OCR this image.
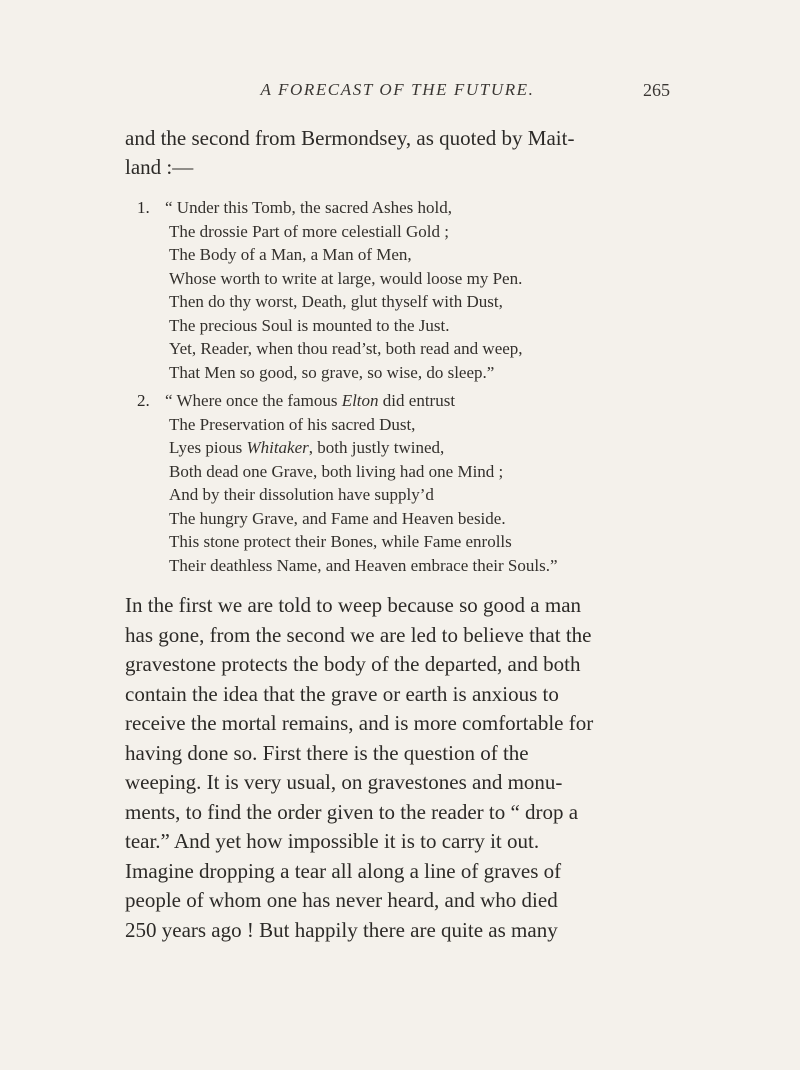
A FORECAST OF THE FUTURE.	265

and the second from Bermondsey, as quoted by Mait-
land :—

1. “ Under this Tomb, the sacred Ashes hold,
The drossie Part of more celestiall Gold ;
The Body of a Man, a Man of Men,
Whose worth to write at large, would loose my Pen.
Then do thy worst, Death, glut thyself with Dust,
The precious Soul is mounted to the Just.
Yet, Reader, when thou read’st, both read and weep,
That Men so good, so grave, so wise, do sleep.”
2. “ Where once the famous Elton did entrust
The Preservation of his sacred Dust,
Lyes pious Whitaker, both justly twined,
Both dead one Grave, both living had one Mind ;
And by their dissolution have supply’d
The hungry Grave, and Fame and Heaven beside.
This stone protect their Bones, while Fame enrolls
Their deathless Name, and Heaven embrace their Souls.”

In the first we are told to weep because so good a man
has gone, from the second we are led to believe that the
gravestone protects the body of the departed, and both
contain the idea that the grave or earth is anxious to
receive the mortal remains, and is more comfortable for
having done so. First there is the question of the
weeping. It is very usual, on gravestones and monu-
ments, to find the order given to the reader to “ drop a
tear.” And yet how impossible it is to carry it out.
Imagine dropping a tear all along a line of graves of
people of whom one has never heard, and who died
250 years ago ! But happily there are quite as many
